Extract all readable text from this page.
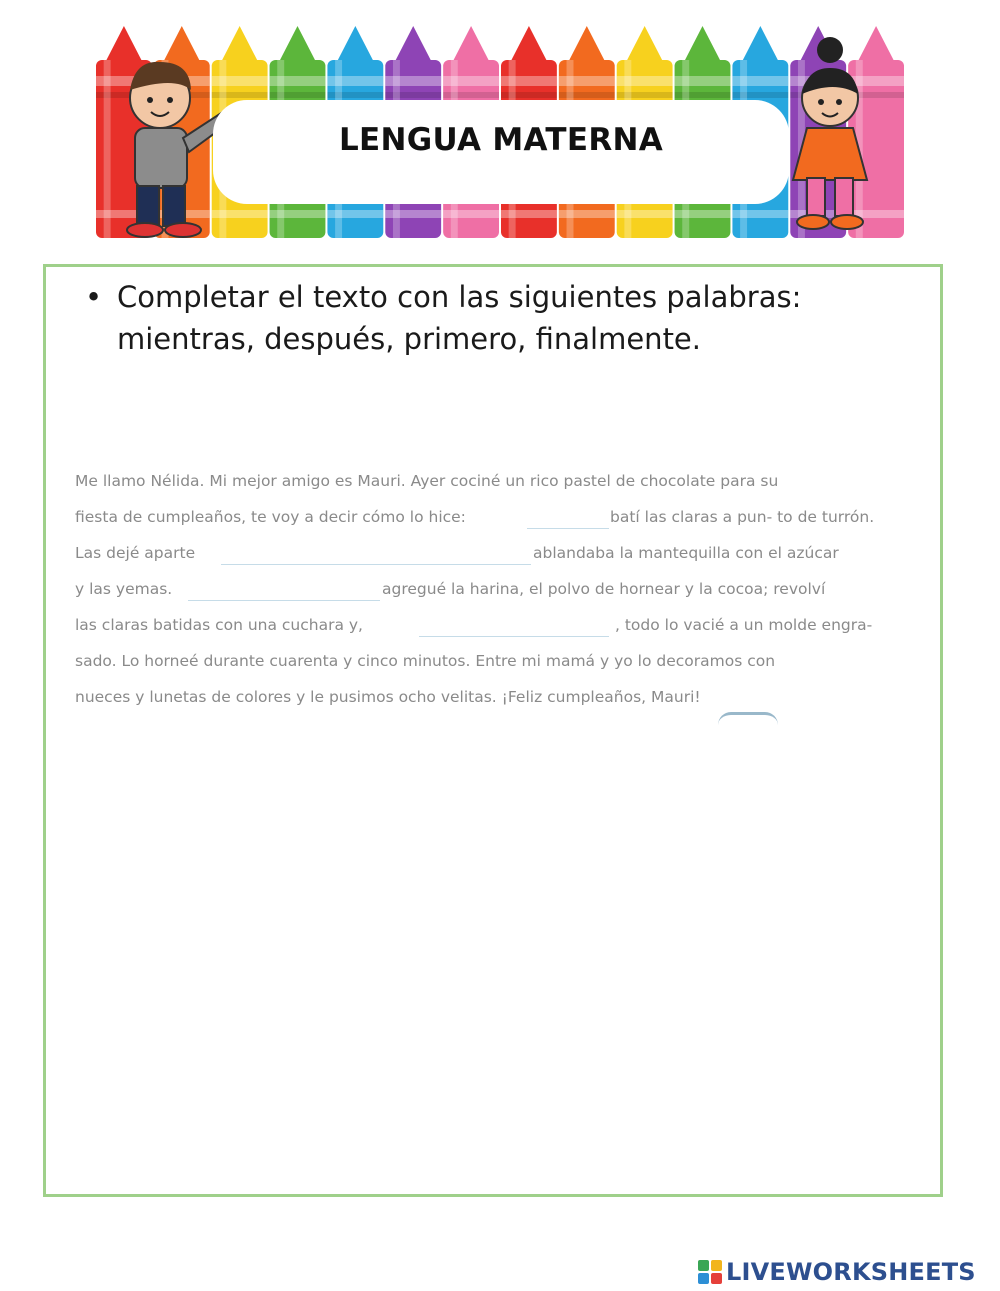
LENGUA MATERNA
• Completar el texto con las siguientes palabras: mientras, después, primero, finalmente.
Me llamo Nélida. Mi mejor amigo es Mauri. Ayer cociné un rico pastel de chocolate para su
fiesta de cumpleaños, te voy a decir cómo lo hice:	batí las claras a pun- to de turrón.
Las dejé aparte	ablandaba la mantequilla con el azúcar
y las yemas.	agregué la harina, el polvo de hornear y la cocoa; revolví
las claras batidas con una cuchara y,	, todo lo vacié a un molde engra-
sado. Lo horneé durante cuarenta y cinco minutos. Entre mi mamá y yo lo decoramos con
nueces y lunetas de colores y le pusimos ocho velitas. ¡Feliz cumpleaños, Mauri!
LIVEWORKSHEETS
